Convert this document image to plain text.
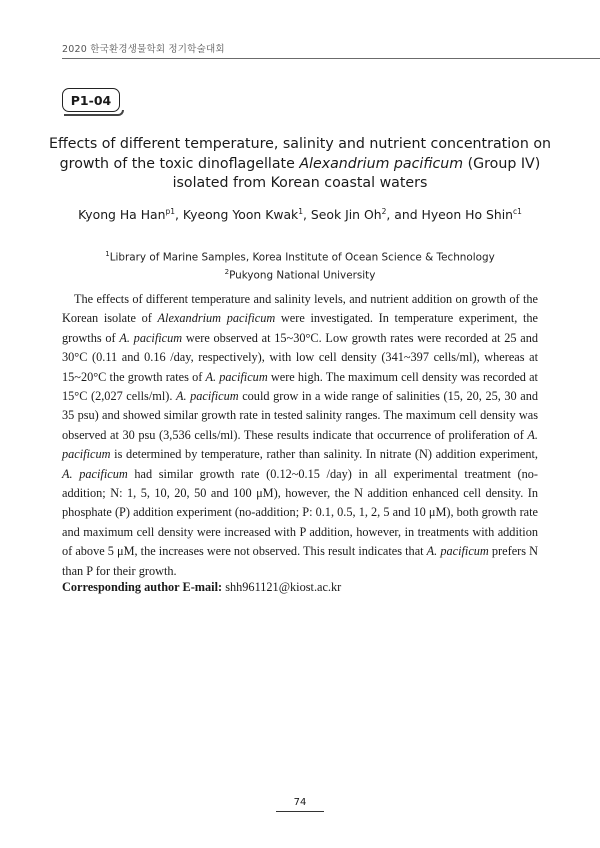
2020 한국환경생물학회 정기학술대회
P1-04
Effects of different temperature, salinity and nutrient concentration on
growth of the toxic dinoflagellate Alexandrium pacificum (Group IV)
isolated from Korean coastal waters
Kyong Ha Han$^{p1}$, Kyeong Yoon Kwak$^1$, Seok Jin Oh$^2$, and Hyeon Ho Shin$^{c1}$
$^1$Library of Marine Samples, Korea Institute of Ocean Science & Technology
$^2$Pukyong National University

The effects of different temperature and salinity levels, and nutrient addition on growth of the Korean isolate of Alexandrium pacificum were investigated. In temperature experiment, the growths of A. pacificum were observed at 15~30°C. Low growth rates were recorded at 25 and 30°C (0.11 and 0.16 /day, respectively), with low cell density (341~397 cells/ml), whereas at 15~20°C the growth rates of A. pacificum were high. The maximum cell density was recorded at 15°C (2,027 cells/ml). A. pacificum could grow in a wide range of salinities (15, 20, 25, 30 and 35 psu) and showed similar growth rate in tested salinity ranges. The maximum cell density was observed at 30 psu (3,536 cells/ml). These results indicate that occurrence of proliferation of A. pacificum is determined by temperature, rather than salinity. In nitrate (N) addition experiment, A. pacificum had similar growth rate (0.12~0.15 /day) in all experimental treatment (no-addition; N: 1, 5, 10, 20, 50 and 100 μM), however, the N addition enhanced cell density. In phosphate (P) addition experiment (no-addition; P: 0.1, 0.5, 1, 2, 5 and 10 μM), both growth rate and maximum cell density were increased with P addition, however, in treatments with addition of above 5 μM, the increases were not observed. This result indicates that A. pacificum prefers N than P for their growth.

Corresponding author E-mail: shh961121@kiost.ac.kr
74
